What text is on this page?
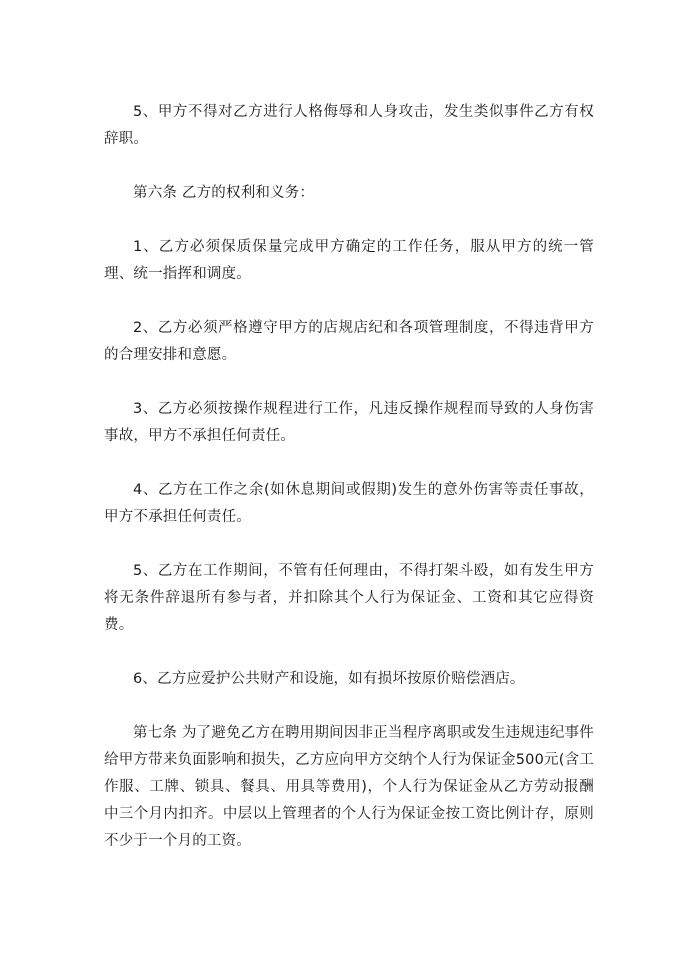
5、甲方不得对乙方进行人格侮辱和人身攻击，发生类似事件乙方有权辞职。

第六条 乙方的权利和义务：

1、乙方必须保质保量完成甲方确定的工作任务，服从甲方的统一管理、统一指挥和调度。

2、乙方必须严格遵守甲方的店规店纪和各项管理制度，不得违背甲方的合理安排和意愿。

3、乙方必须按操作规程进行工作，凡违反操作规程而导致的人身伤害事故，甲方不承担任何责任。

4、乙方在工作之余(如休息期间或假期)发生的意外伤害等责任事故，甲方不承担任何责任。

5、乙方在工作期间，不管有任何理由，不得打架斗殴，如有发生甲方将无条件辞退所有参与者，并扣除其个人行为保证金、工资和其它应得资费。

6、乙方应爱护公共财产和设施，如有损坏按原价赔偿酒店。

第七条 为了避免乙方在聘用期间因非正当程序离职或发生违规违纪事件给甲方带来负面影响和损失，乙方应向甲方交纳个人行为保证金500元(含工作服、工牌、锁具、餐具、用具等费用)，个人行为保证金从乙方劳动报酬中三个月内扣齐。中层以上管理者的个人行为保证金按工资比例计存，原则不少于一个月的工资。
